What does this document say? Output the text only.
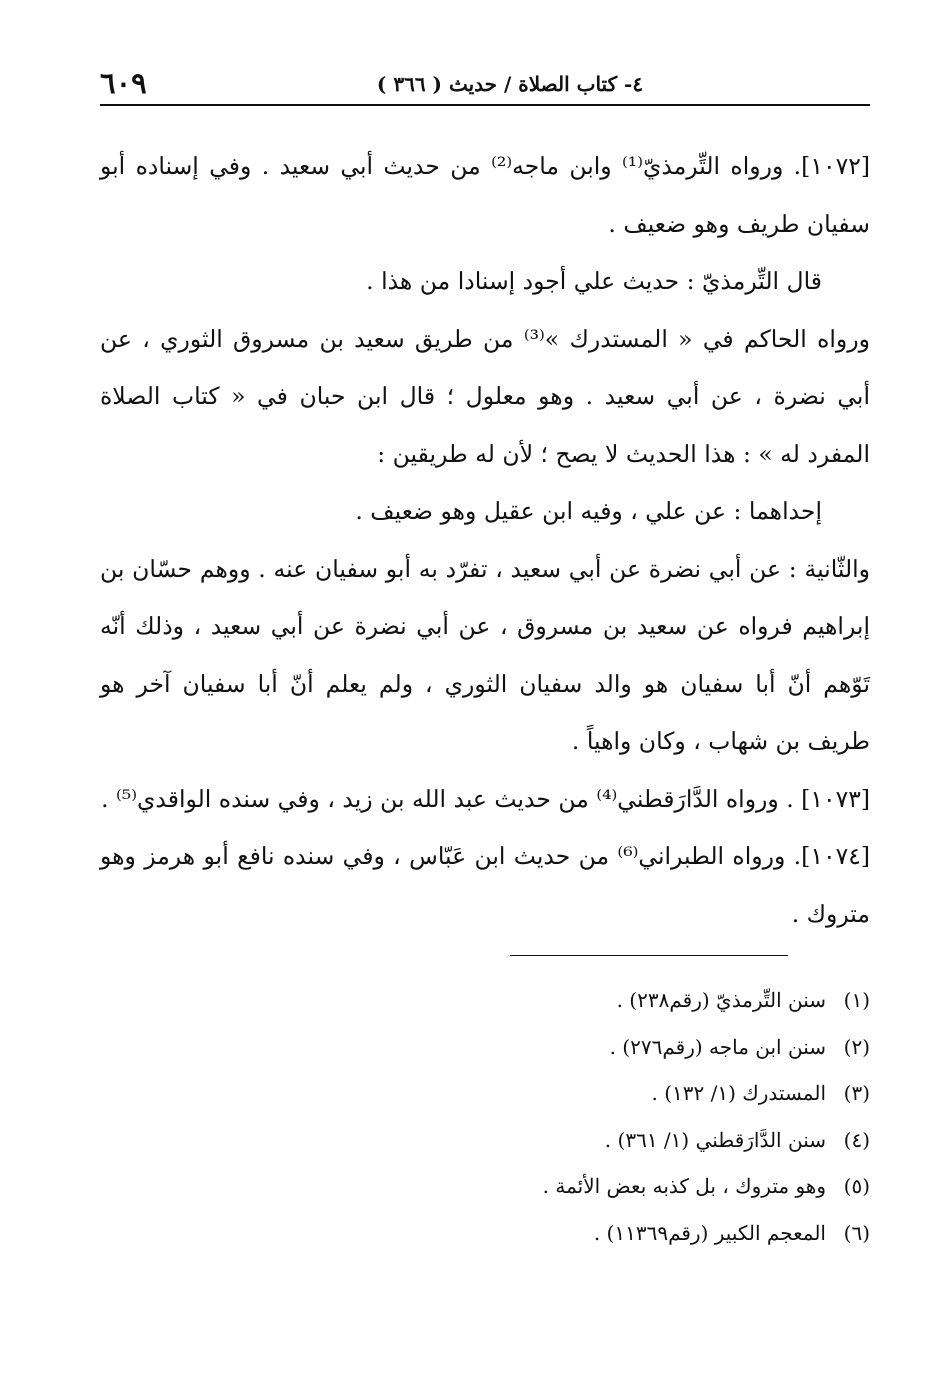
٦٠٩	٤- كتاب الصلاة / حديث ( ٣٦٦ )

[١٠٧٢]. ورواه التِّرمذيّ⁽¹⁾ وابن ماجه⁽²⁾ من حديث أبي سعيد . وفي إسناده أبو سفيان طريف وهو ضعيف .

قال التِّرمذيّ : حديث علي أجود إسنادا من هذا .

ورواه الحاكم في « المستدرك »⁽³⁾ من طريق سعيد بن مسروق الثوري ، عن أبي نضرة ، عن أبي سعيد . وهو معلول ؛ قال ابن حبان في « كتاب الصلاة المفرد له » : هذا الحديث لا يصح ؛ لأن له طريقين :

إحداهما : عن علي ، وفيه ابن عقيل وهو ضعيف .

والثّانية : عن أبي نضرة عن أبي سعيد ، تفرّد به أبو سفيان عنه . ووهم حسّان بن إبراهيم فرواه عن سعيد بن مسروق ، عن أبي نضرة عن أبي سعيد ، وذلك أنّه تَوّهم أنّ أبا سفيان هو والد سفيان الثوري ، ولم يعلم أنّ أبا سفيان آخر هو طريف بن شهاب ، وكان واهياً .

[١٠٧٣] . ورواه الدَّارَقطني⁽⁴⁾ من حديث عبد الله بن زيد ، وفي سنده الواقدي⁽⁵⁾ .

[١٠٧٤]. ورواه الطبراني⁽⁶⁾ من حديث ابن عَبّاس ، وفي سنده نافع أبو هرمز وهو متروك .

(١)
سنن التِّرمذيّ (رقم٢٣٨) .
(٢)
سنن ابن ماجه (رقم٢٧٦) .
(٣)
المستدرك (١/ ١٣٢) .
(٤)
سنن الدَّارَقطني (١/ ٣٦١) .
(٥)
وهو متروك ، بل كذبه بعض الأئمة .
(٦)
المعجم الكبير (رقم١١٣٦٩) .
